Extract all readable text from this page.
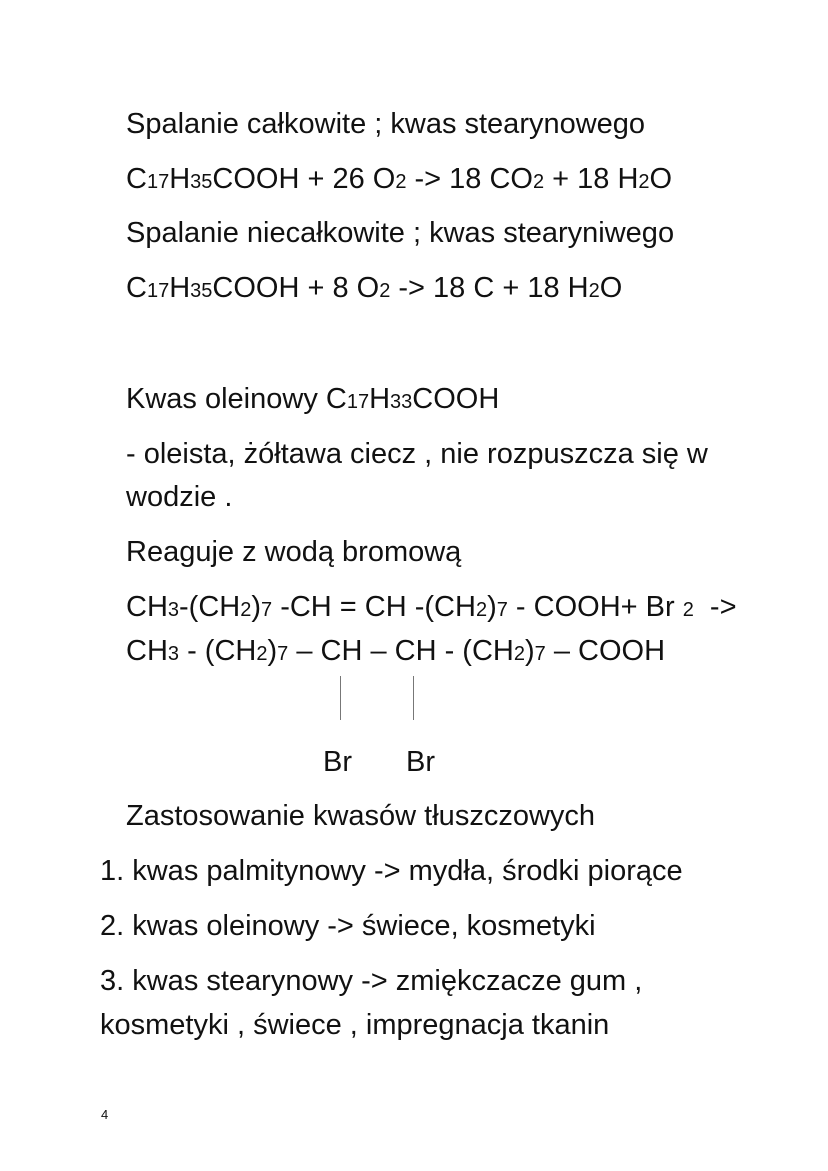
Spalanie całkowite ; kwas stearynowego
C17H35COOH + 26 O2 -> 18 CO2 + 18 H2O
Spalanie niecałkowite ; kwas stearyniwego
C17H35COOH + 8 O2 -> 18 C + 18 H2O
Kwas oleinowy C17H33COOH
- oleista, żółtawa ciecz , nie rozpuszcza się w
wodzie .
Reaguje z wodą bromową
CH3-(CH2)7 -CH = CH -(CH2)7 - COOH+ Br 2  ->
CH3 - (CH2)7 – CH – CH - (CH2)7 – COOH
Br Br
Zastosowanie kwasów tłuszczowych
1. kwas palmitynowy -> mydła, środki piorące
2. kwas oleinowy -> świece, kosmetyki
3. kwas stearynowy -> zmiękczacze gum ,
kosmetyki , świece , impregnacja tkanin
4
